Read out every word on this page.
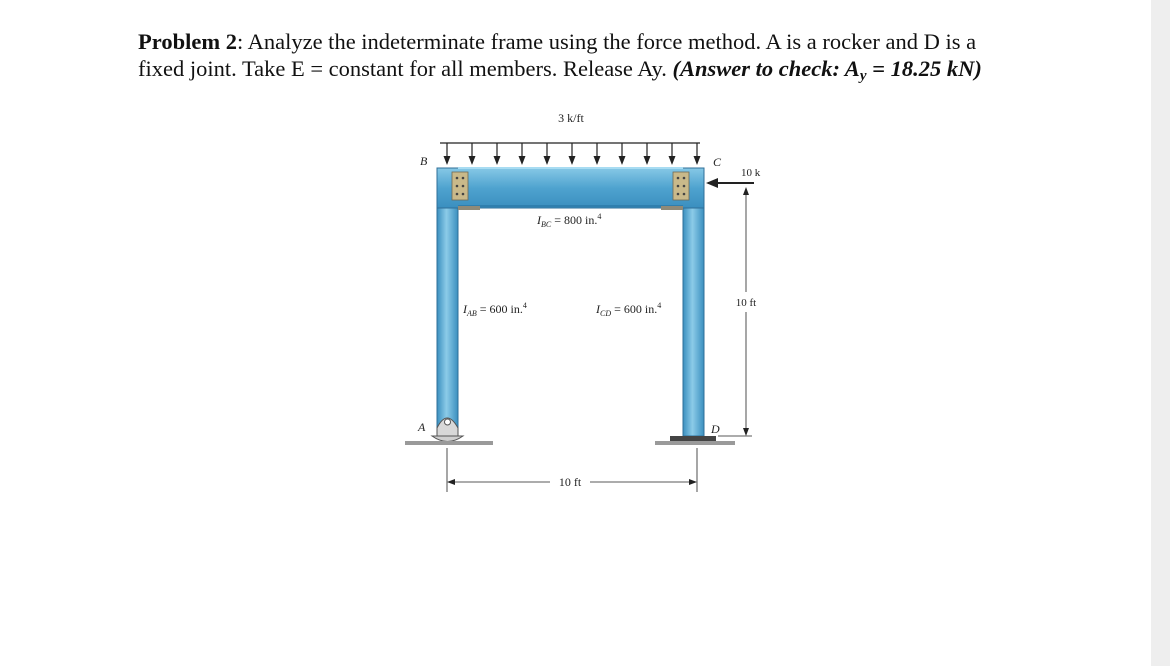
Problem 2: Analyze the indeterminate frame using the force method. A is a rocker and D is a
fixed joint. Take E = constant for all members. Release Ay. (Answer to check: $A_y = 18.25$ kN)
3 k/ft
10 k
10 ft
10 ft
B	C
A	D
$I_{BC} = 800$ in.$^4$
$I_{AB} = 600$ in.$^4$	$I_{CD} = 600$ in.$^4$
